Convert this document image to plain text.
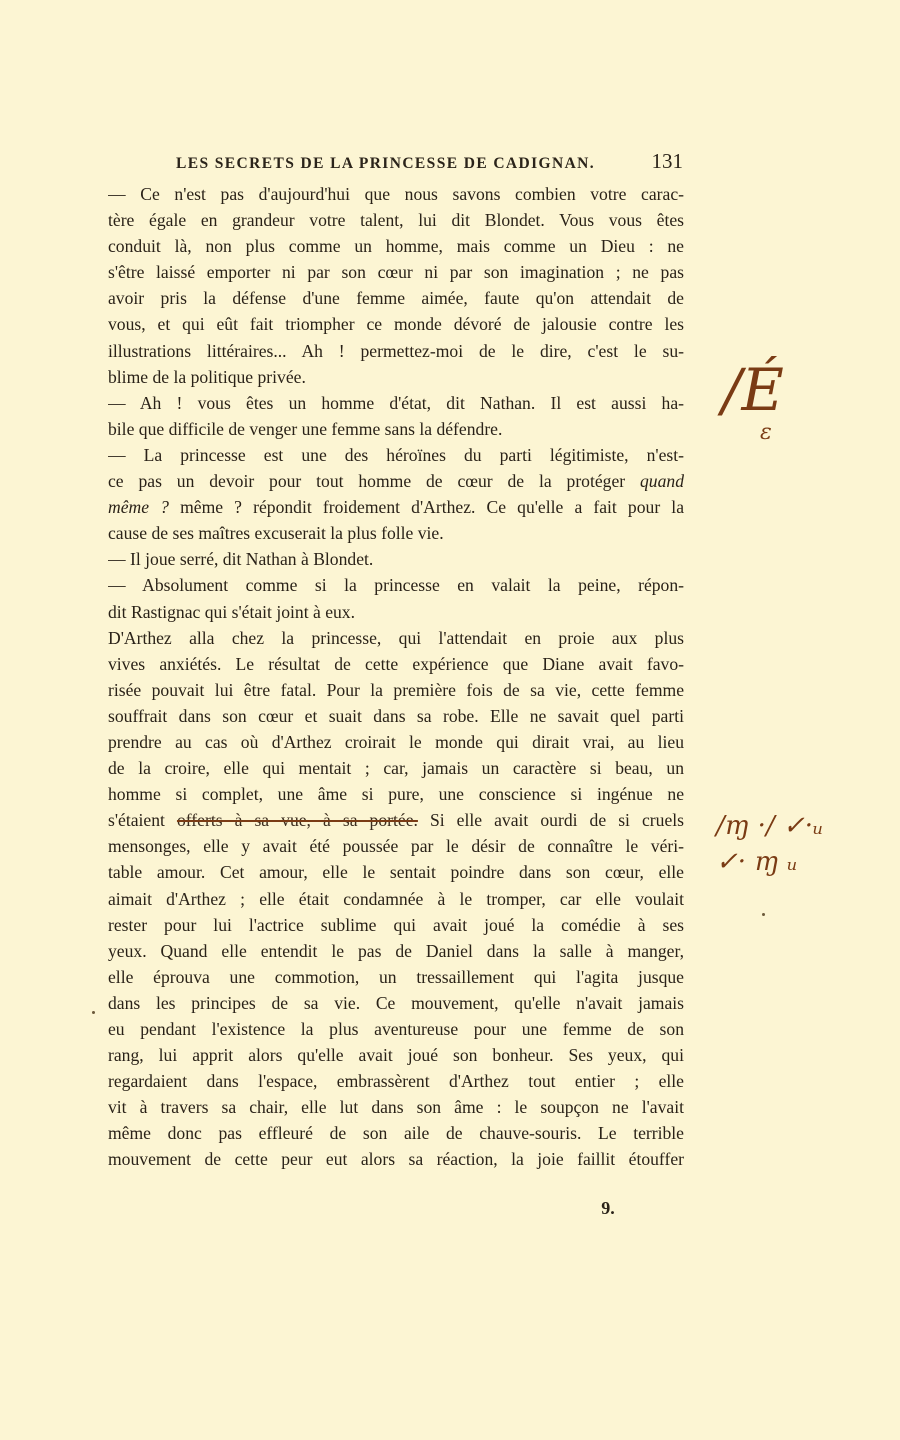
LES SECRETS DE LA PRINCESSE DE CADIGNAN.	131
— Ce n'est pas d'aujourd'hui que nous savons combien votre carac-
tère égale en grandeur votre talent, lui dit Blondet. Vous vous êtes
conduit là, non plus comme un homme, mais comme un Dieu : ne
s'être laissé emporter ni par son cœur ni par son imagination ; ne pas
avoir pris la défense d'une femme aimée, faute qu'on attendait de
vous, et qui eût fait triompher ce monde dévoré de jalousie contre les
illustrations littéraires... Ah ! permettez-moi de le dire, c'est le su-
blime de la politique privée.
— Ah ! vous êtes un homme d'état, dit Nathan. Il est aussi ha-
bile que difficile de venger une femme sans la défendre.
— La princesse est une des héroïnes du parti légitimiste, n'est-
ce pas un devoir pour tout homme de cœur de la protéger quand
même ? même ? répondit froidement d'Arthez. Ce qu'elle a fait pour la
cause de ses maîtres excuserait la plus folle vie.
— Il joue serré, dit Nathan à Blondet.
— Absolument comme si la princesse en valait la peine, répon-
dit Rastignac qui s'était joint à eux.
D'Arthez alla chez la princesse, qui l'attendait en proie aux plus
vives anxiétés. Le résultat de cette expérience que Diane avait favo-
risée pouvait lui être fatal. Pour la première fois de sa vie, cette femme
souffrait dans son cœur et suait dans sa robe. Elle ne savait quel parti
prendre au cas où d'Arthez croirait le monde qui dirait vrai, au lieu
de la croire, elle qui mentait ; car, jamais un caractère si beau, un
homme si complet, une âme si pure, une conscience si ingénue ne
s'étaient offerts à sa vue, à sa portée. Si elle avait ourdi de si cruels
mensonges, elle y avait été poussée par le désir de connaître le véri-
table amour. Cet amour, elle le sentait poindre dans son cœur, elle
aimait d'Arthez ; elle était condamnée à le tromper, car elle voulait
rester pour lui l'actrice sublime qui avait joué la comédie à ses
yeux. Quand elle entendit le pas de Daniel dans la salle à manger,
elle éprouva une commotion, un tressaillement qui l'agita jusque
dans les principes de sa vie. Ce mouvement, qu'elle n'avait jamais
eu pendant l'existence la plus aventureuse pour une femme de son
rang, lui apprit alors qu'elle avait joué son bonheur. Ses yeux, qui
regardaient dans l'espace, embrassèrent d'Arthez tout entier ; elle
vit à travers sa chair, elle lut dans son âme : le soupçon ne l'avait
même donc pas effleuré de son aile de chauve-souris. Le terrible
mouvement de cette peur eut alors sa réaction, la joie faillit étouffer
9.
/É
ɛ
/ɱ ·/ ✓·ᵤ ✓· ɱ ᵤ
